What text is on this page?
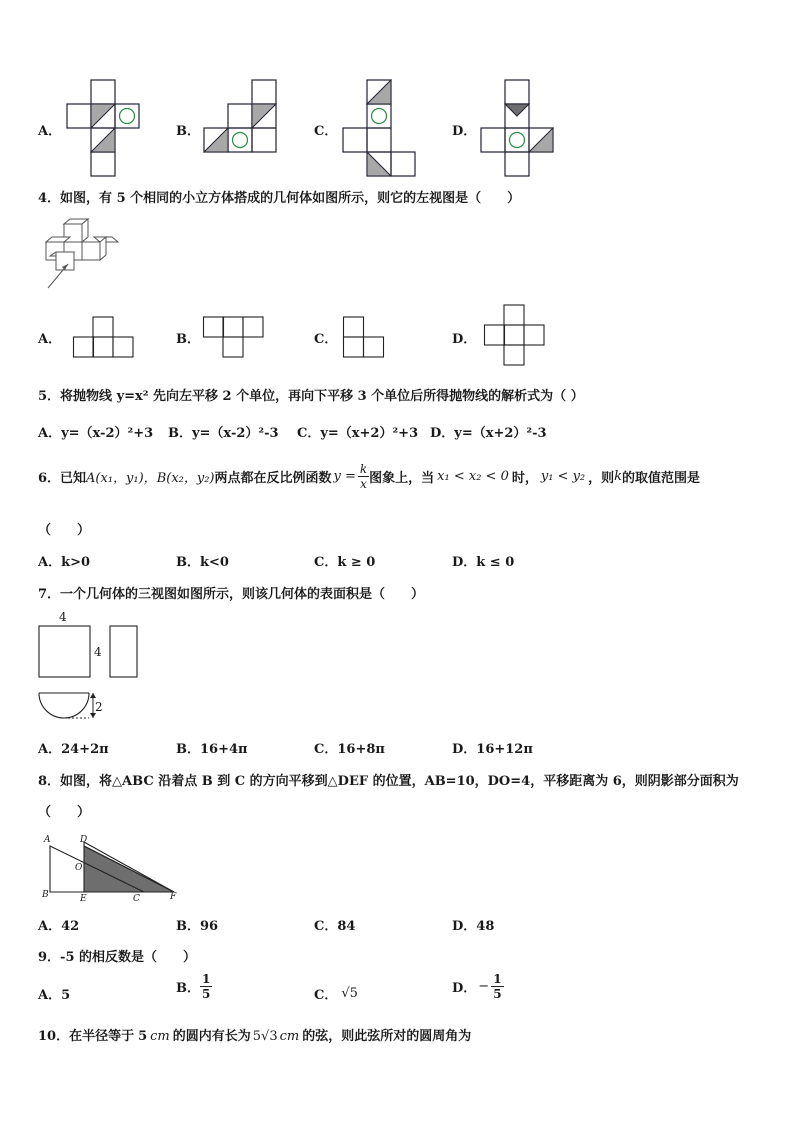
A．	B．	C．	D．
4．如图，有 5 个相同的小立方体搭成的几何体如图所示，则它的左视图是（　　）
A．	B．	C．	D．
5．将抛物线 y=x² 先向左平移 2 个单位，再向下平移 3 个单位后所得抛物线的解析式为（ ）
A．y=（x-2）²+3 B．y=（x-2）²-3 C．y=（x+2）²+3 D．y=（x+2）²-3
6．已知 A(x₁，y₁)， B(x₂，y₂) 两点都在反比例函数 $y = \frac{k}{x}$ 图象上，当 x₁ < x₂ < 0 时， y₁ < y₂ ，则 k 的取值范围是
（　　）
A．k>0	B．k<0	C．k ≥ 0	D．k ≤ 0
7．一个几何体的三视图如图所示，则该几何体的表面积是（　　）
4
4
2
A．24+2π	B．16+4π	C．16+8π	D．16+12π
8．如图，将△ABC 沿着点 B 到 C 的方向平移到△DEF 的位置，AB=10，DO=4，平移距离为 6，则阴影部分面积为
（　　）
A	D
O
B	E	C	F
A．42	B．96	C．84	D．48
9．-5 的相反数是（　　）
A．5	B． $\frac{1}{5}$	C． √5	D． − $\frac{1}{5}$
10．在半径等于 5 cm 的圆内有长为 5√3 cm 的弦，则此弦所对的圆周角为
